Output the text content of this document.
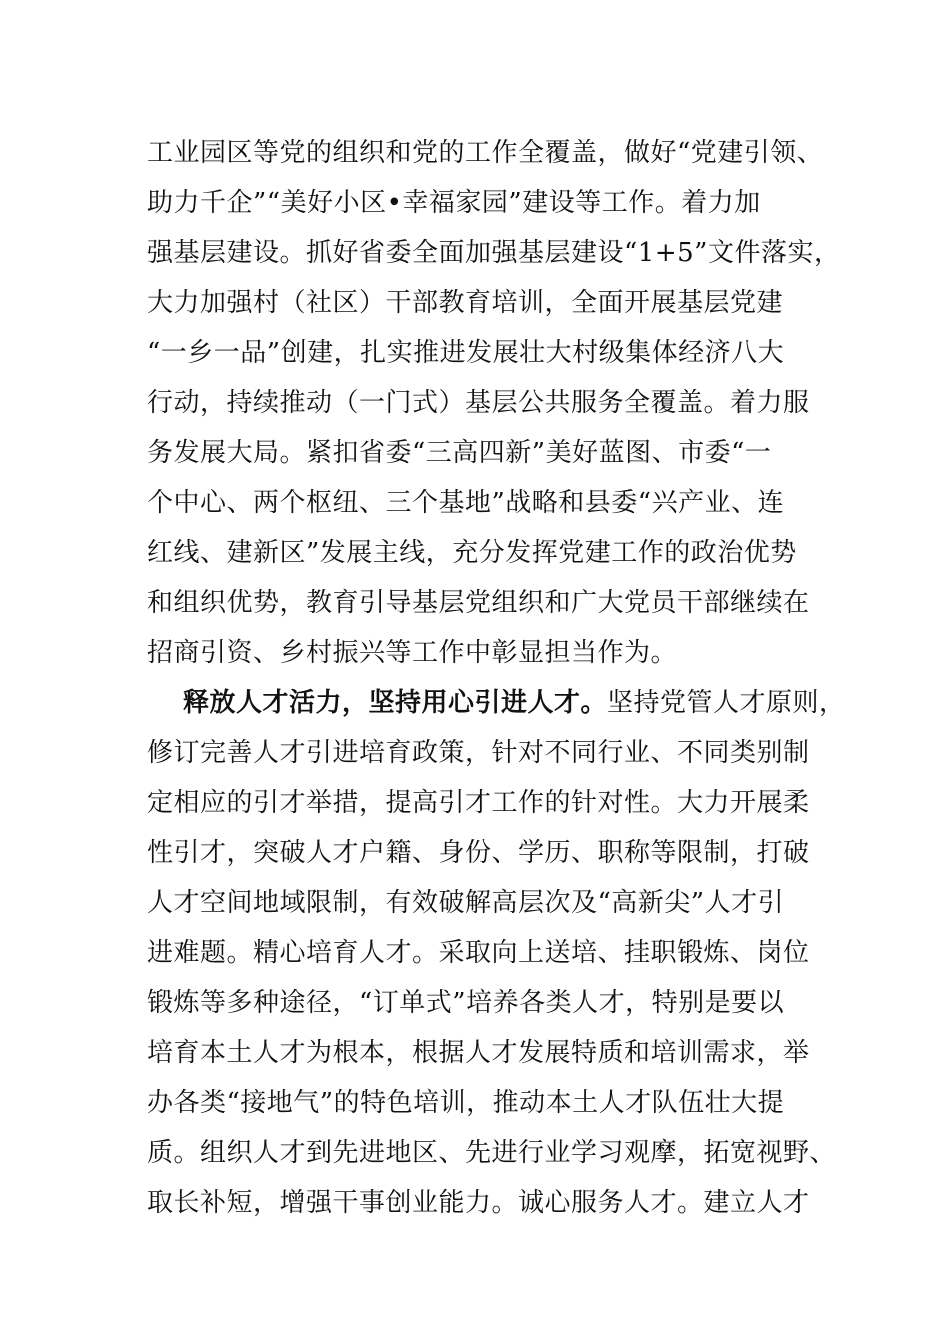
工业园区等党的组织和党的工作全覆盖，做好“党建引领、
助力千企”“美好小区•幸福家园”建设等工作。着力加
强基层建设。抓好省委全面加强基层建设“1+5”文件落实，
大力加强村（社区）干部教育培训，全面开展基层党建
“一乡一品”创建，扎实推进发展壮大村级集体经济八大
行动，持续推动（一门式）基层公共服务全覆盖。着力服
务发展大局。紧扣省委“三高四新”美好蓝图、市委“一
个中心、两个枢纽、三个基地”战略和县委“兴产业、连
红线、建新区”发展主线，充分发挥党建工作的政治优势
和组织优势，教育引导基层党组织和广大党员干部继续在
招商引资、乡村振兴等工作中彰显担当作为。
释放人才活力，坚持用心引进人才。坚持党管人才原则，
修订完善人才引进培育政策，针对不同行业、不同类别制
定相应的引才举措，提高引才工作的针对性。大力开展柔
性引才，突破人才户籍、身份、学历、职称等限制，打破
人才空间地域限制，有效破解高层次及“高新尖”人才引
进难题。精心培育人才。采取向上送培、挂职锻炼、岗位
锻炼等多种途径，“订单式”培养各类人才，特别是要以
培育本土人才为根本，根据人才发展特质和培训需求，举
办各类“接地气”的特色培训，推动本土人才队伍壮大提
质。组织人才到先进地区、先进行业学习观摩，拓宽视野、
取长补短，增强干事创业能力。诚心服务人才。建立人才
